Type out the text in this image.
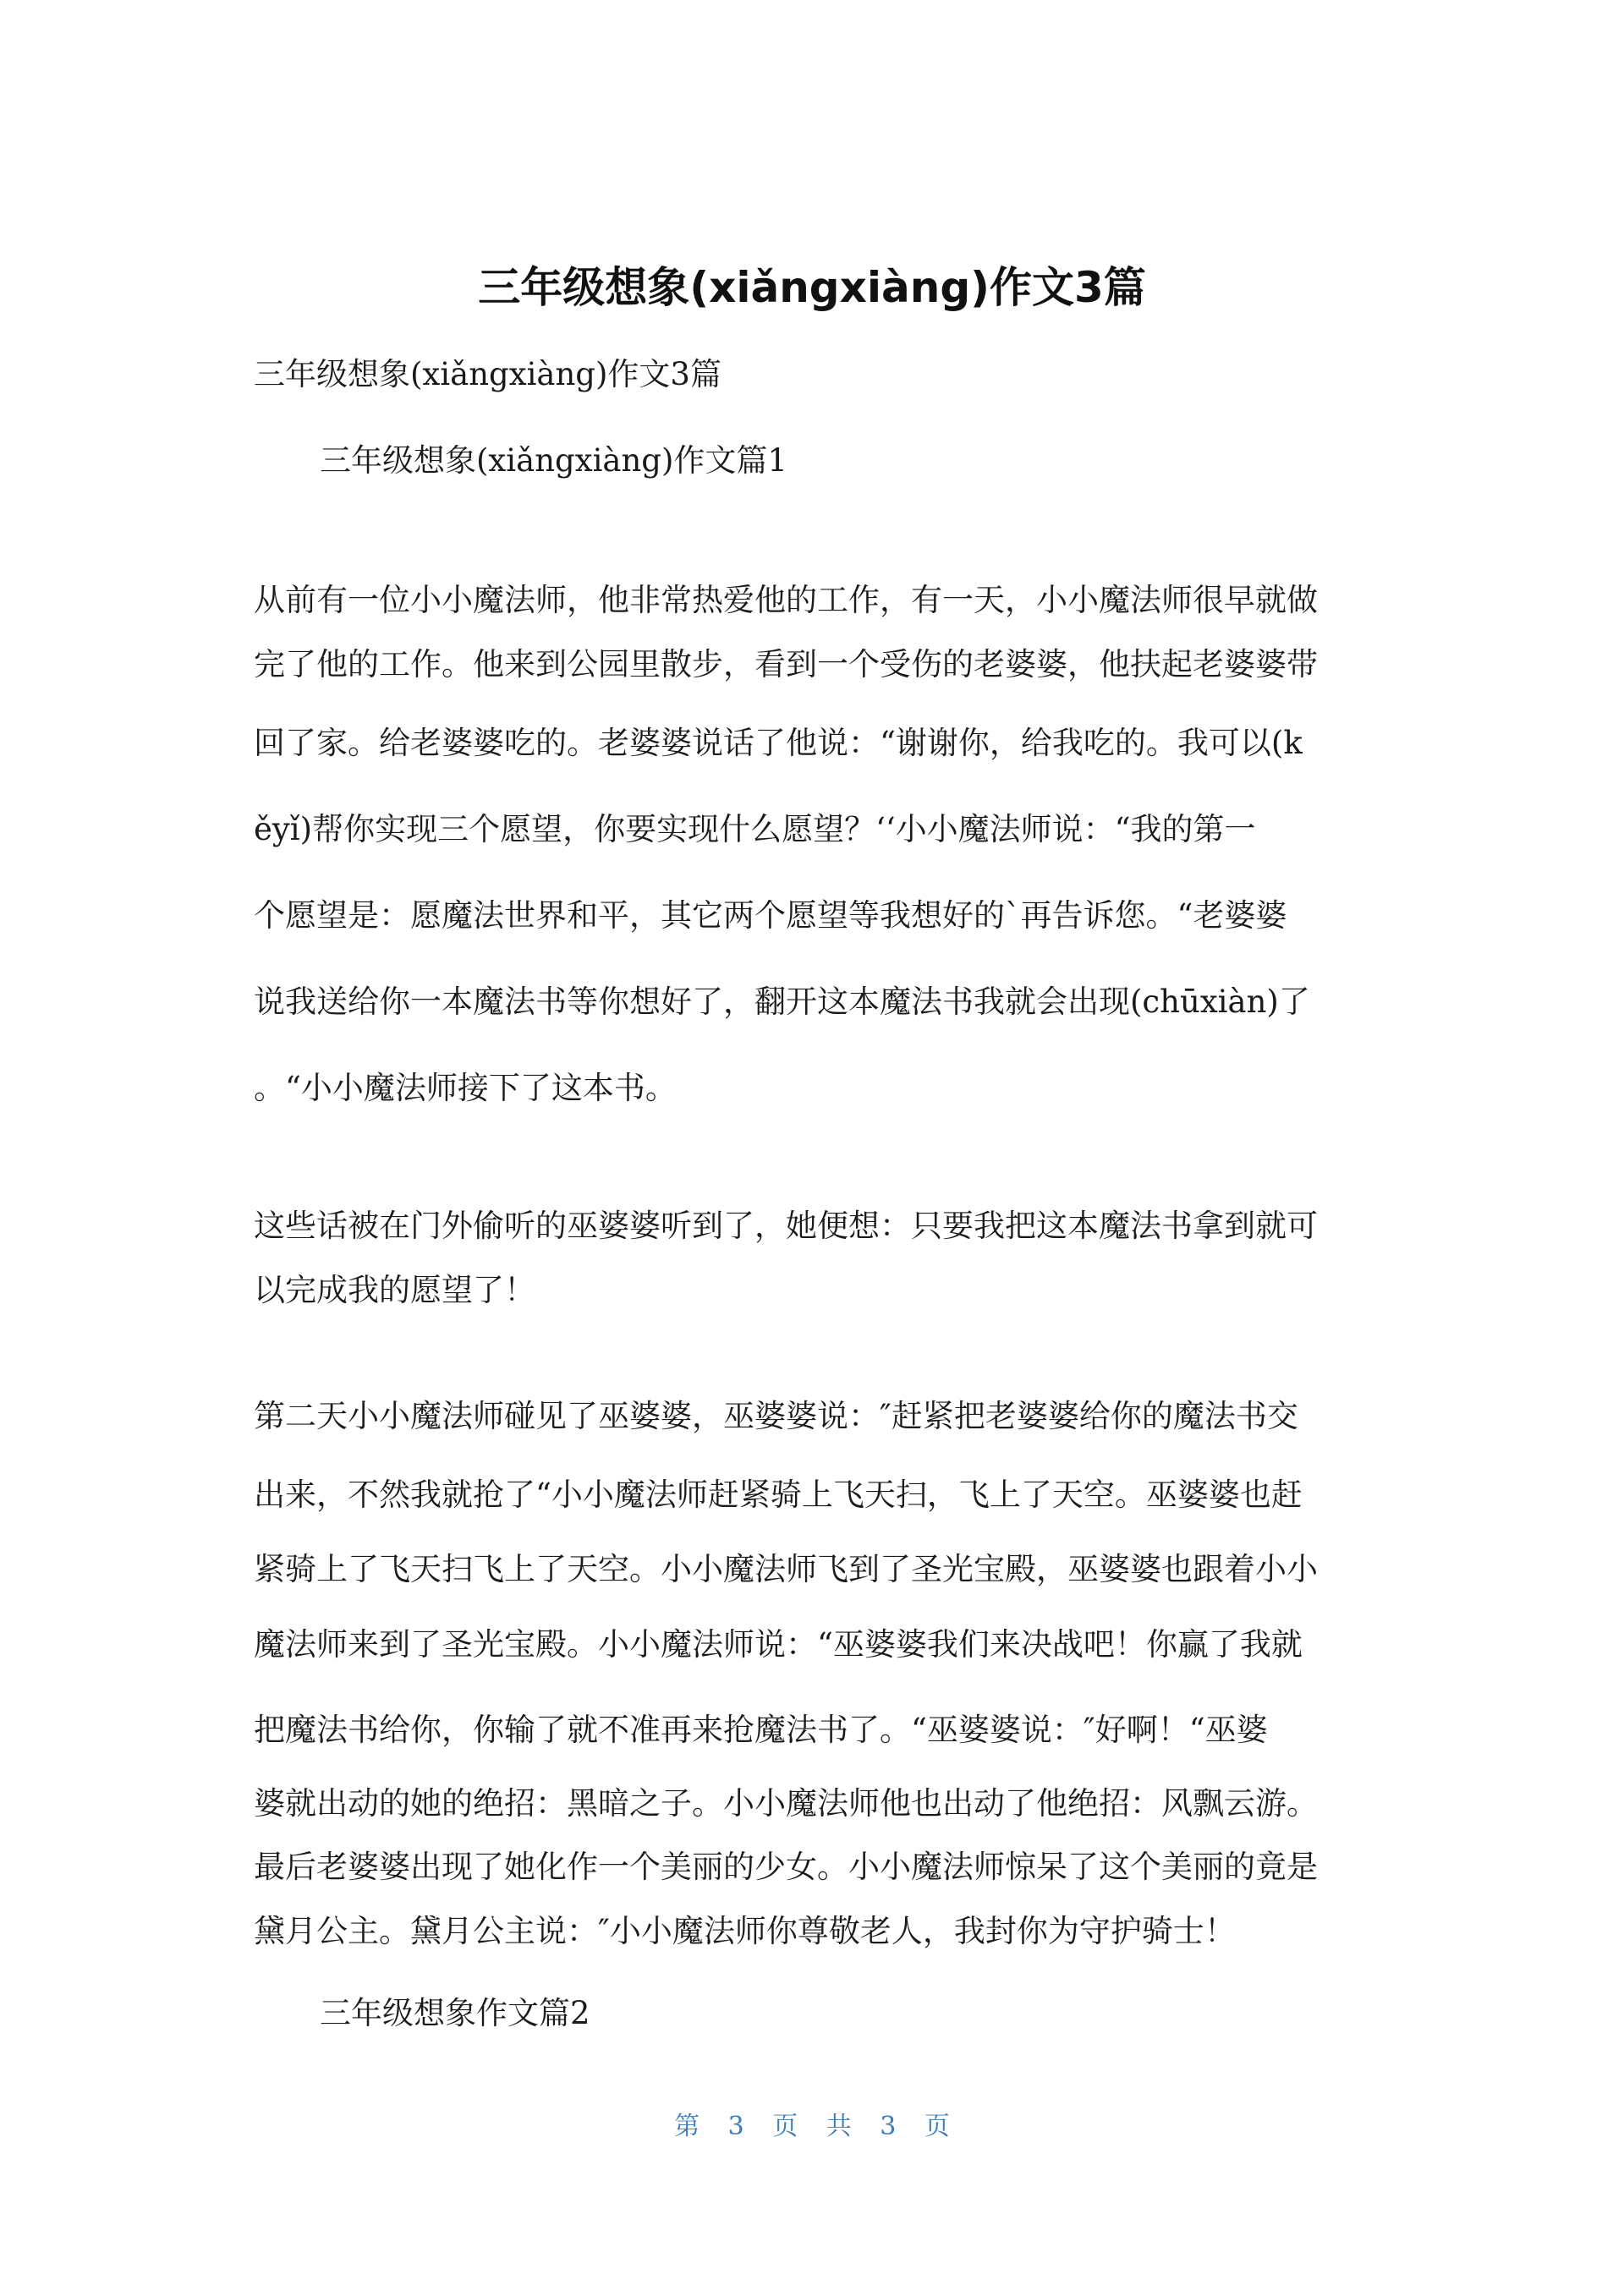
三年级想象(xiǎngxiàng)作文3篇
三年级想象(xiǎngxiàng)作文3篇
三年级想象(xiǎngxiàng)作文篇1
从前有一位小小魔法师，他非常热爱他的工作，有一天，小小魔法师很早就做
完了他的工作。他来到公园里散步，看到一个受伤的老婆婆，他扶起老婆婆带
回了家。给老婆婆吃的。老婆婆说话了他说：“谢谢你，给我吃的。我可以(k
ěyǐ)帮你实现三个愿望，你要实现什么愿望？‘‘小小魔法师说：“我的第一
个愿望是：愿魔法世界和平，其它两个愿望等我想好的`再告诉您。“老婆婆
说我送给你一本魔法书等你想好了，翻开这本魔法书我就会出现(chūxiàn)了
。“小小魔法师接下了这本书。
这些话被在门外偷听的巫婆婆听到了，她便想：只要我把这本魔法书拿到就可
以完成我的愿望了！
第二天小小魔法师碰见了巫婆婆，巫婆婆说：″赶紧把老婆婆给你的魔法书交
出来，不然我就抢了“小小魔法师赶紧骑上飞天扫，飞上了天空。巫婆婆也赶
紧骑上了飞天扫飞上了天空。小小魔法师飞到了圣光宝殿，巫婆婆也跟着小小
魔法师来到了圣光宝殿。小小魔法师说：“巫婆婆我们来决战吧！你赢了我就
把魔法书给你，你输了就不准再来抢魔法书了。“巫婆婆说：″好啊！“巫婆
婆就出动的她的绝招：黑暗之子。小小魔法师他也出动了他绝招：风飘云游。
最后老婆婆出现了她化作一个美丽的少女。小小魔法师惊呆了这个美丽的竟是
黛月公主。黛月公主说：″小小魔法师你尊敬老人，我封你为守护骑士！
三年级想象作文篇2
第 3 页 共 3 页
